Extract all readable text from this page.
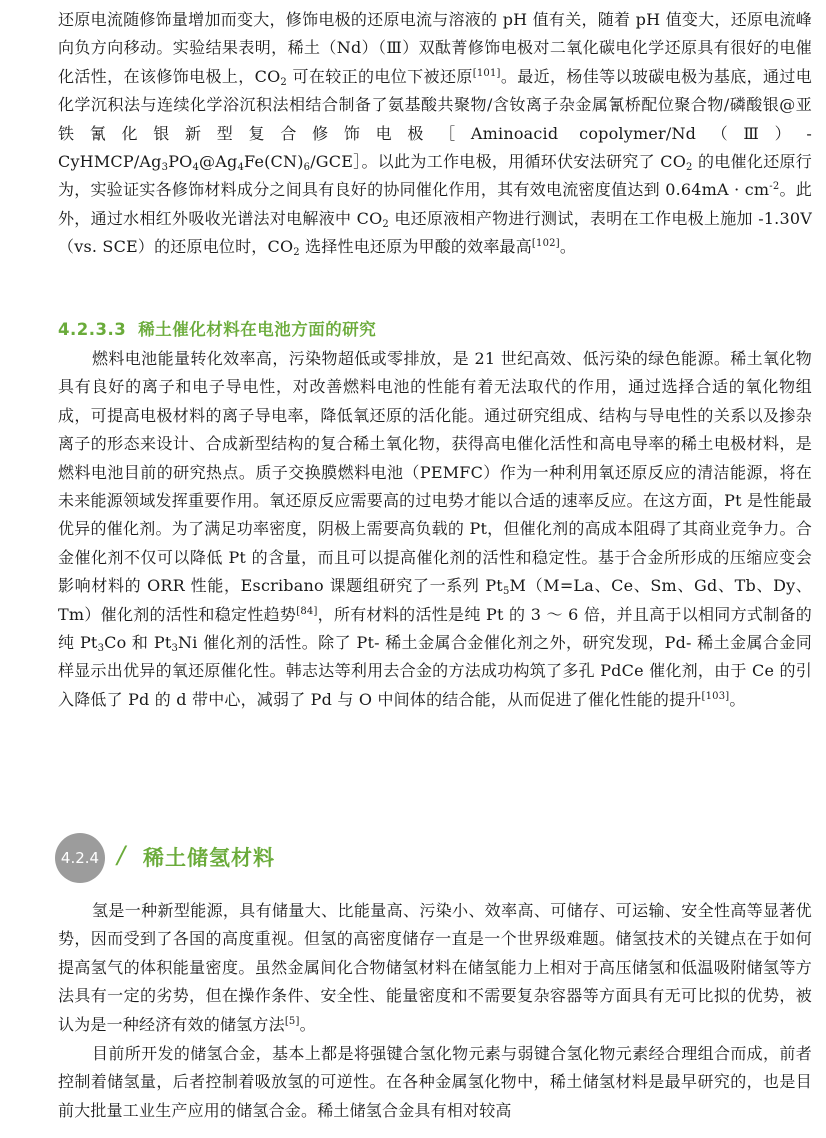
还原电流随修饰量增加而变大，修饰电极的还原电流与溶液的 pH 值有关，随着 pH 值变大，还原电流峰向负方向移动。实验结果表明，稀土（Nd）（Ⅲ）双酞菁修饰电极对二氧化碳电化学还原具有很好的电催化活性，在该修饰电极上，$CO_2$ 可在较正的电位下被还原[101]。最近，杨佳等以玻碳电极为基底，通过电化学沉积法与连续化学浴沉积法相结合制备了氨基酸共聚物/含钕离子杂金属氰桥配位聚合物/磷酸银@亚铁氰化银新型复合修饰电极［Aminoacid copolymer/$Nd(Ⅲ)-CyHMCP/Ag_3PO_4@Ag_4Fe(CN)_6/GCE]$。以此为工作电极，用循环伏安法研究了 $CO_2$ 的电催化还原行为，实验证实各修饰材料成分之间具有良好的协同催化作用，其有效电流密度值达到 $0.64mA \cdot cm^{-2}$。此外，通过水相红外吸收光谱法对电解液中 $CO_2$ 电还原液相产物进行测试，表明在工作电极上施加 -1.30V（vs. SCE）的还原电位时，$CO_2$ 选择性电还原为甲酸的效率最高[102]。

4.2.3.3 稀土催化材料在电池方面的研究

燃料电池能量转化效率高，污染物超低或零排放，是 21 世纪高效、低污染的绿色能源。稀土氧化物具有良好的离子和电子导电性，对改善燃料电池的性能有着无法取代的作用，通过选择合适的氧化物组成，可提高电极材料的离子导电率，降低氧还原的活化能。通过研究组成、结构与导电性的关系以及掺杂离子的形态来设计、合成新型结构的复合稀土氧化物，获得高电催化活性和高电导率的稀土电极材料，是燃料电池目前的研究热点。质子交换膜燃料电池（PEMFC）作为一种利用氧还原反应的清洁能源，将在未来能源领域发挥重要作用。氧还原反应需要高的过电势才能以合适的速率反应。在这方面，Pt 是性能最优异的催化剂。为了满足功率密度，阴极上需要高负载的 Pt，但催化剂的高成本阻碍了其商业竞争力。合金催化剂不仅可以降低 Pt 的含量，而且可以提高催化剂的活性和稳定性。基于合金所形成的压缩应变会影响材料的 ORR 性能，Escribano 课题组研究了一系列 $Pt_5M(M=La$、Ce、Sm、Gd、Tb、Dy、Tm）催化剂的活性和稳定性趋势[84]，所有材料的活性是纯 Pt 的 3 ～ 6 倍，并且高于以相同方式制备的纯 $Pt_3Co$ 和 $Pt_3Ni$ 催化剂的活性。除了 Pt- 稀土金属合金催化剂之外，研究发现，Pd- 稀土金属合金同样显示出优异的氧还原催化性。韩志达等利用去合金的方法成功构筑了多孔 PdCe 催化剂，由于 Ce 的引入降低了 Pd 的 d 带中心，减弱了 Pd 与 O 中间体的结合能，从而促进了催化性能的提升[103]。

4.2.4 / 稀土储氢材料

氢是一种新型能源，具有储量大、比能量高、污染小、效率高、可储存、可运输、安全性高等显著优势，因而受到了各国的高度重视。但氢的高密度储存一直是一个世界级难题。储氢技术的关键点在于如何提高氢气的体积能量密度。虽然金属间化合物储氢材料在储氢能力上相对于高压储氢和低温吸附储氢等方法具有一定的劣势，但在操作条件、安全性、能量密度和不需要复杂容器等方面具有无可比拟的优势，被认为是一种经济有效的储氢方法[5]。

目前所开发的储氢合金，基本上都是将强键合氢化物元素与弱键合氢化物元素经合理组合而成，前者控制着储氢量，后者控制着吸放氢的可逆性。在各种金属氢化物中，稀土储氢材料是最早研究的，也是目前大批量工业生产应用的储氢合金。稀土储氢合金具有相对较高
